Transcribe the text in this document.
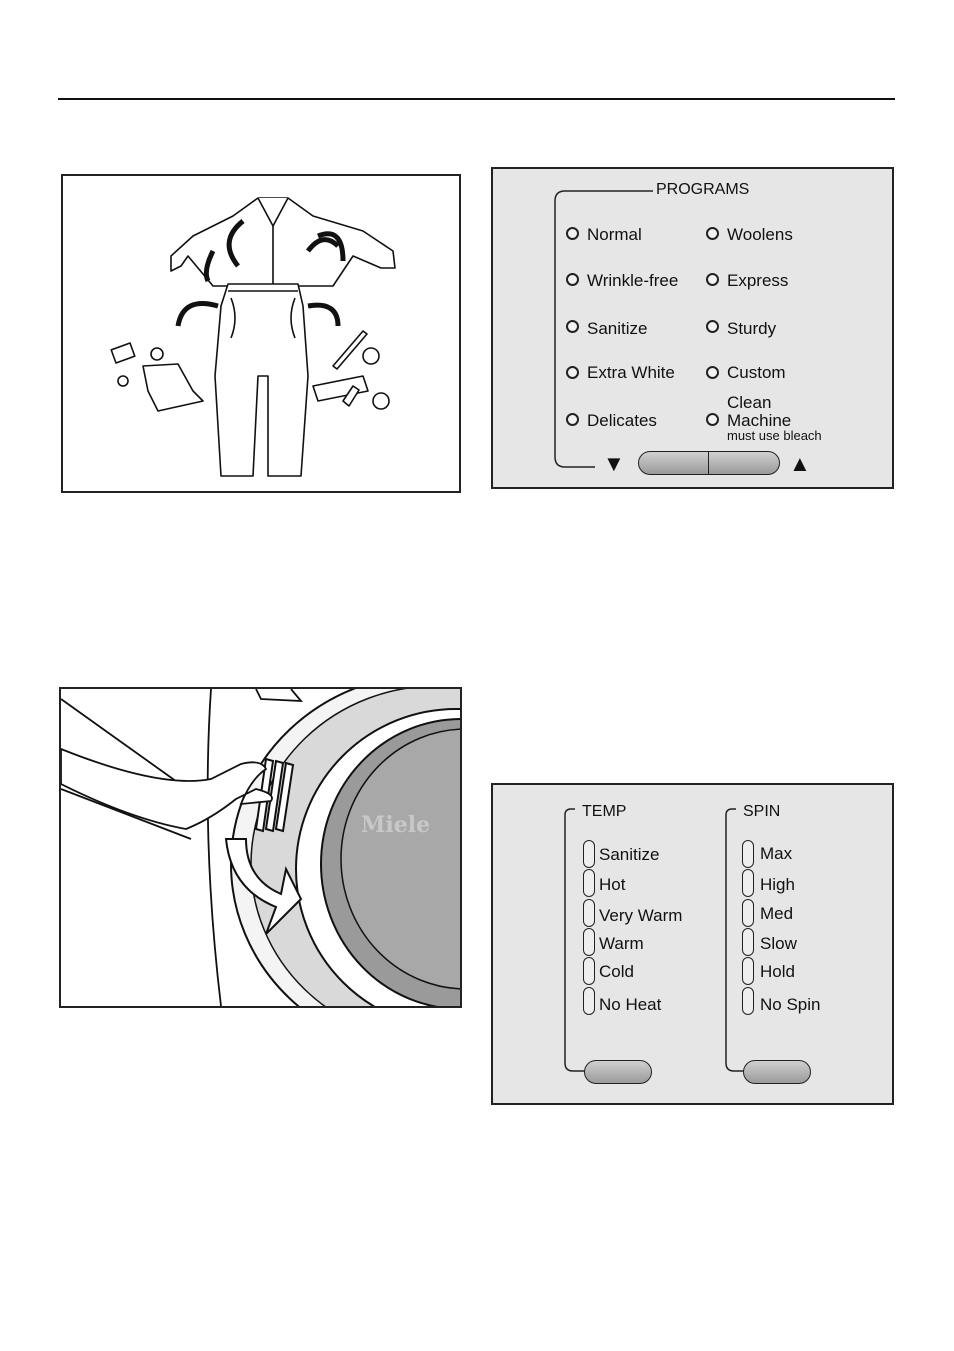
PROGRAMS
Normal
Wrinkle-free
Sanitize
Extra White
Delicates
Woolens
Express
Sturdy
Custom
Clean
Machine
must use bleach
▼	▲
Miele
TEMP	SPIN
Sanitize
Hot
Very Warm
Warm
Cold
No Heat
Max
High
Med
Slow
Hold
No Spin
